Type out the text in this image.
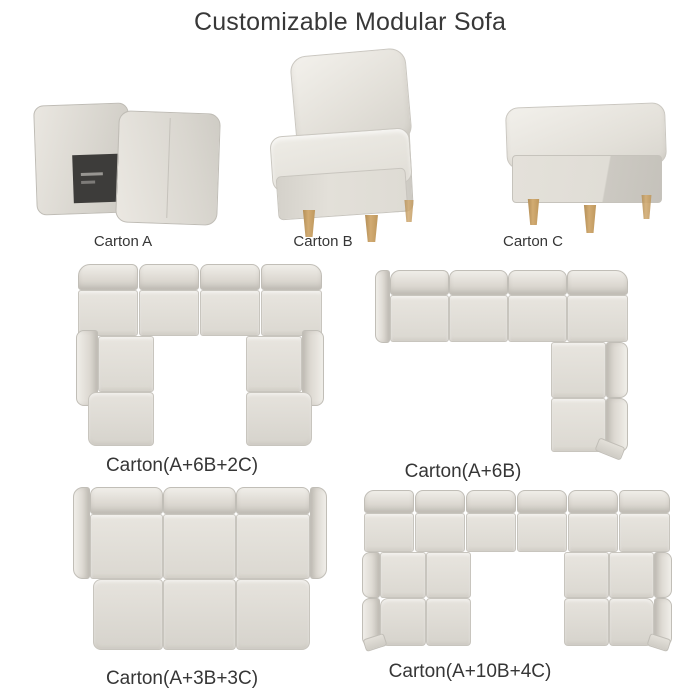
Customizable Modular Sofa
Carton A	Carton B	Carton C
Carton(A+6B+2C)	Carton(A+6B)
Carton(A+3B+3C)	Carton(A+10B+4C)
